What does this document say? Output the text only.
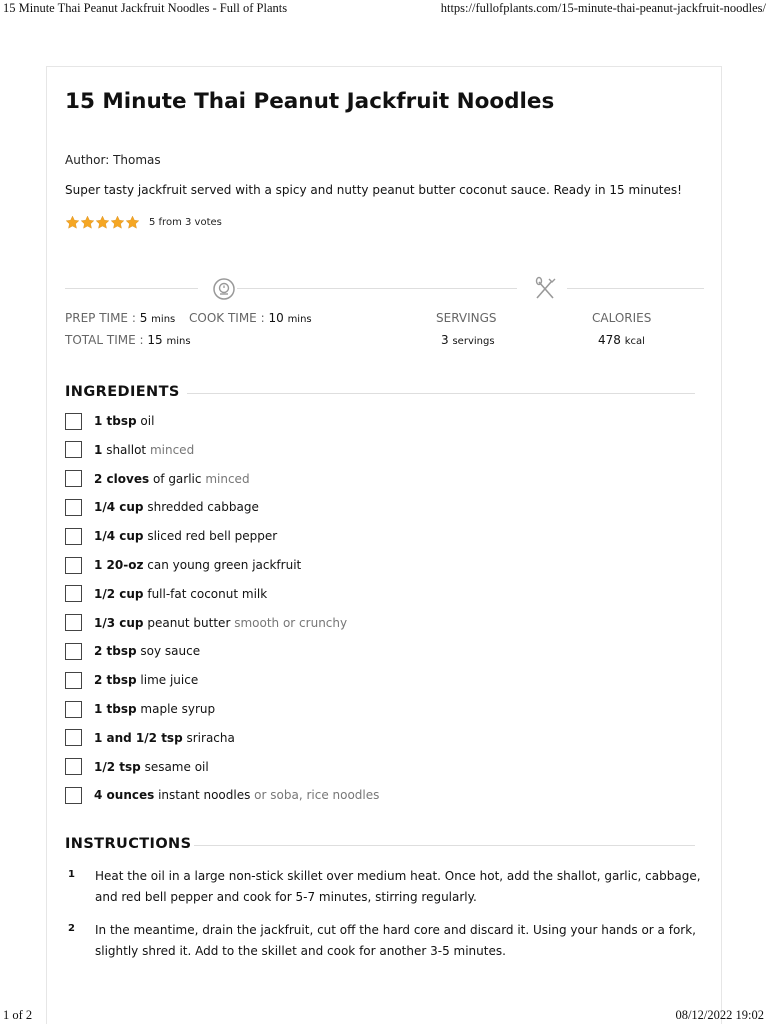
15 Minute Thai Peanut Jackfruit Noodles - Full of Plants	https://fullofplants.com/15-minute-thai-peanut-jackfruit-noodles/
15 Minute Thai Peanut Jackfruit Noodles
Author: Thomas
Super tasty jackfruit served with a spicy and nutty peanut butter coconut sauce. Ready in 15 minutes!
5 from 3 votes
PREP TIME : 5 mins COOK TIME : 10 mins
TOTAL TIME : 15 mins
SERVINGS
3 servings
CALORIES
478 kcal
INGREDIENTS
1 tbsp oil
1 shallot minced
2 cloves of garlic minced
1/4 cup shredded cabbage
1/4 cup sliced red bell pepper
1 20-oz can young green jackfruit
1/2 cup full-fat coconut milk
1/3 cup peanut butter smooth or crunchy
2 tbsp soy sauce
2 tbsp lime juice
1 tbsp maple syrup
1 and 1/2 tsp sriracha
1/2 tsp sesame oil
4 ounces instant noodles or soba, rice noodles
INSTRUCTIONS
1 Heat the oil in a large non-stick skillet over medium heat. Once hot, add the shallot, garlic, cabbage, and red bell pepper and cook for 5-7 minutes, stirring regularly.
2 In the meantime, drain the jackfruit, cut off the hard core and discard it. Using your hands or a fork, slightly shred it. Add to the skillet and cook for another 3-5 minutes.
1 of 2	08/12/2022 19:02
